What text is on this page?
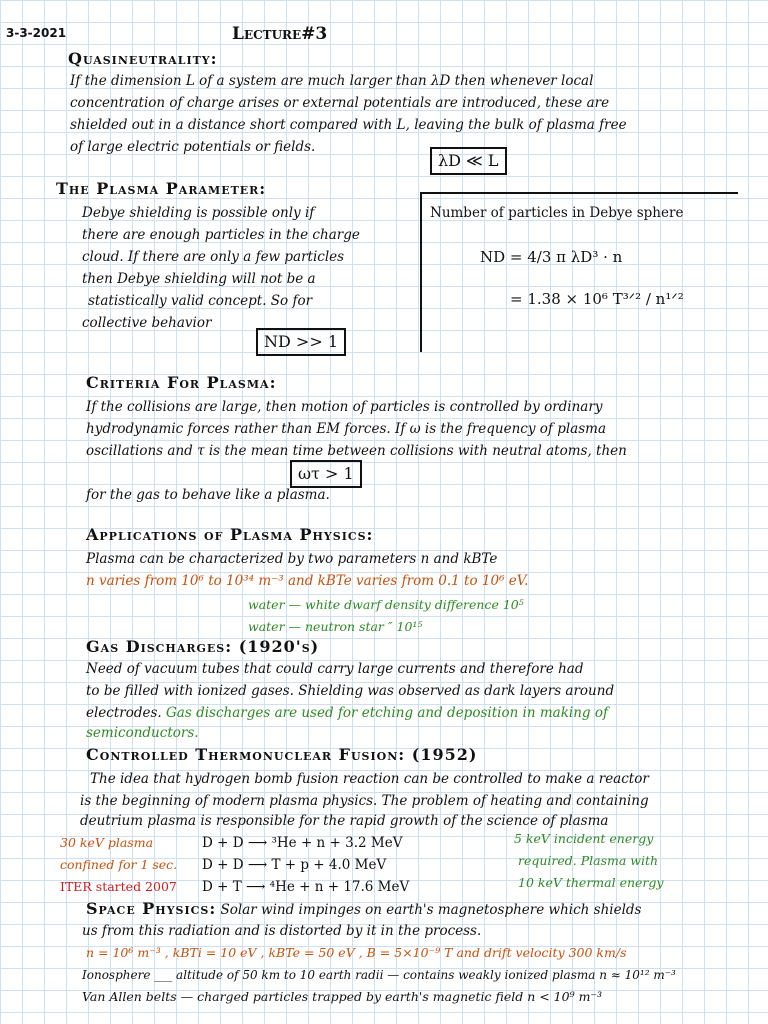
3-3-2021	Lecture#3
Quasineutrality:
If the dimension L of a system are much larger than λD then whenever local
concentration of charge arises or external potentials are introduced, these are
shielded out in a distance short compared with L, leaving the bulk of plasma free
of large electric potentials or fields.
λD ≪ L
The Plasma Parameter:
Debye shielding is possible only if
there are enough particles in the charge
cloud. If there are only a few particles
then Debye shielding will not be a
statistically valid concept. So for
collective behavior
ND >> 1
Number of particles in Debye sphere
ND = 4/3 π λD³ · n
= 1.38 × 10⁶ T³ᐟ² / n¹ᐟ²
Criteria For Plasma:
If the collisions are large, then motion of particles is controlled by ordinary
hydrodynamic forces rather than EM forces. If ω is the frequency of plasma
oscillations and τ is the mean time between collisions with neutral atoms, then
ωτ > 1
for the gas to behave like a plasma.
Applications of Plasma Physics:
Plasma can be characterized by two parameters n and kBTe
n varies from 10⁶ to 10³⁴ m⁻³ and kBTe varies from 0.1 to 10⁶ eV.
water — white dwarf density difference 10⁵
water — neutron star ″ 10¹⁵
Gas Discharges: (1920's)
Need of vacuum tubes that could carry large currents and therefore had
to be filled with ionized gases. Shielding was observed as dark layers around
electrodes. Gas discharges are used for etching and deposition in making of
semiconductors.
Controlled Thermonuclear Fusion: (1952)
The idea that hydrogen bomb fusion reaction can be controlled to make a reactor
is the beginning of modern plasma physics. The problem of heating and containing
deutrium plasma is responsible for the rapid growth of the science of plasma
30 keV plasma
confined for 1 sec.
ITER started 2007
D + D ⟶ ³He + n + 3.2 MeV
D + D ⟶ T + p + 4.0 MeV
D + T ⟶ ⁴He + n + 17.6 MeV
5 keV incident energy
required. Plasma with
10 keV thermal energy
Space Physics: Solar wind impinges on earth's magnetosphere which shields
us from this radiation and is distorted by it in the process.
n = 10⁶ m⁻³ , kBTi = 10 eV , kBTe = 50 eV , B = 5×10⁻⁹ T and drift velocity 300 km/s
Ionosphere ___ altitude of 50 km to 10 earth radii — contains weakly ionized plasma n ≈ 10¹² m⁻³
Van Allen belts — charged particles trapped by earth's magnetic field n < 10⁹ m⁻³
